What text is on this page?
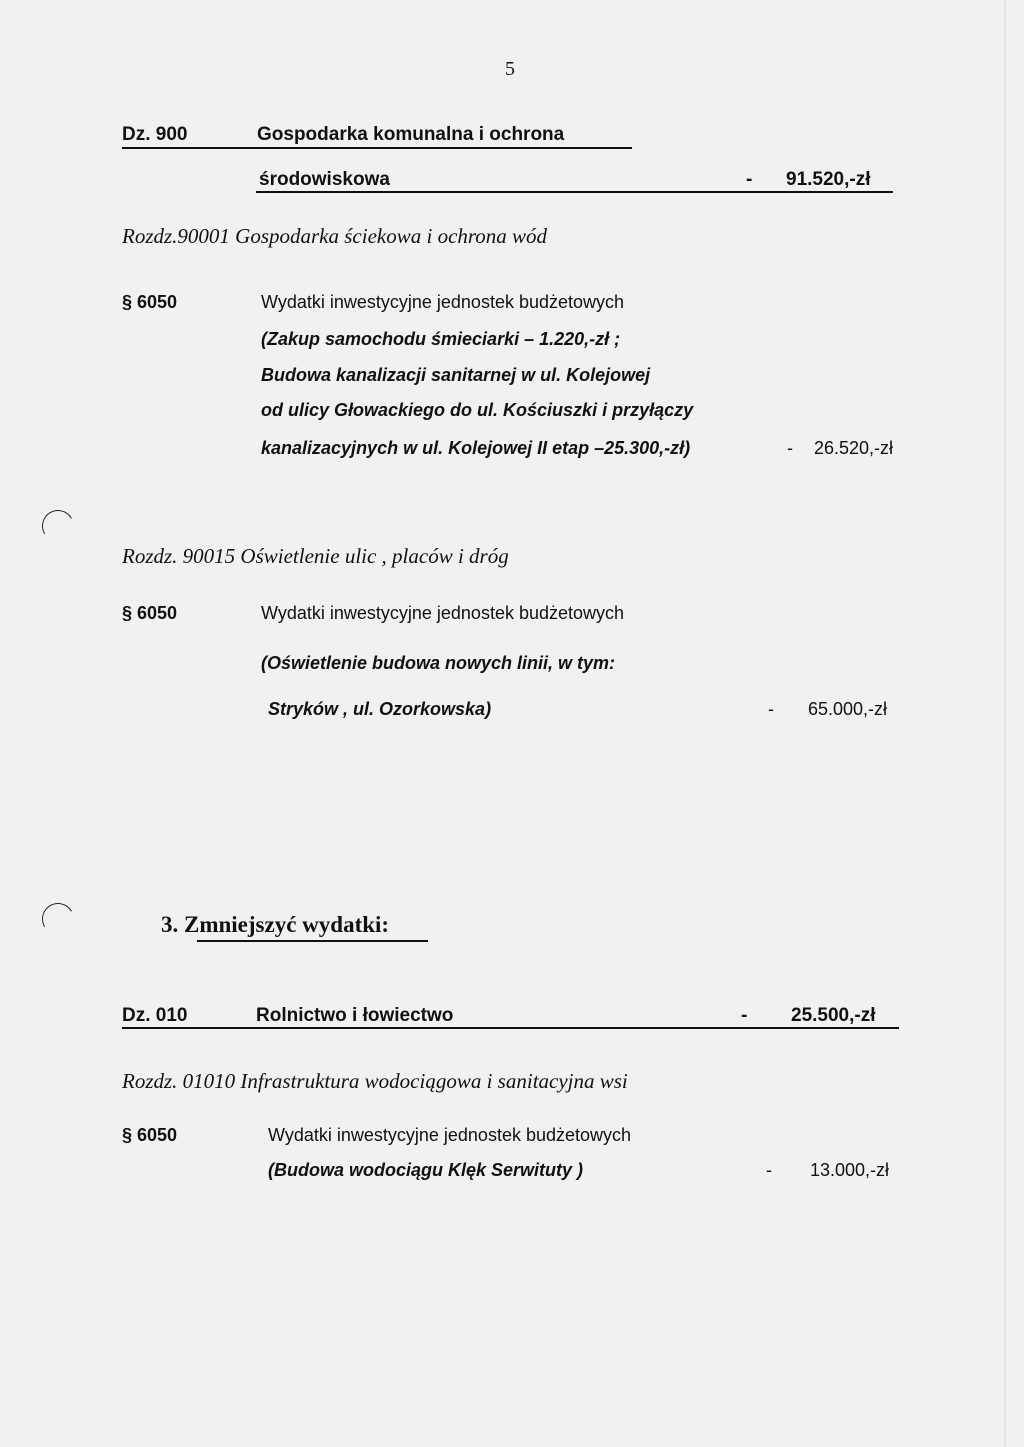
5
Dz. 900	Gospodarka komunalna i ochrona
środowiskowa	- 91.520,-zł
Rozdz.90001 Gospodarka ściekowa i ochrona wód
§ 6050	Wydatki inwestycyjne jednostek budżetowych
(Zakup samochodu śmieciarki – 1.220,-zł ;
Budowa kanalizacji sanitarnej w ul. Kolejowej
od ulicy Głowackiego do ul. Kościuszki i przyłączy
kanalizacyjnych w ul. Kolejowej II etap –25.300,-zł)	- 26.520,-zł
Rozdz. 90015 Oświetlenie ulic , placów i dróg
§ 6050	Wydatki inwestycyjne jednostek budżetowych
(Oświetlenie budowa nowych linii, w tym:
Stryków , ul. Ozorkowska)	- 65.000,-zł
3. Zmniejszyć wydatki:
Dz. 010	Rolnictwo i łowiectwo	- 25.500,-zł
Rozdz. 01010 Infrastruktura wodociągowa i sanitacyjna wsi
§ 6050	Wydatki inwestycyjne jednostek budżetowych
(Budowa wodociągu Klęk Serwituty )	- 13.000,-zł
